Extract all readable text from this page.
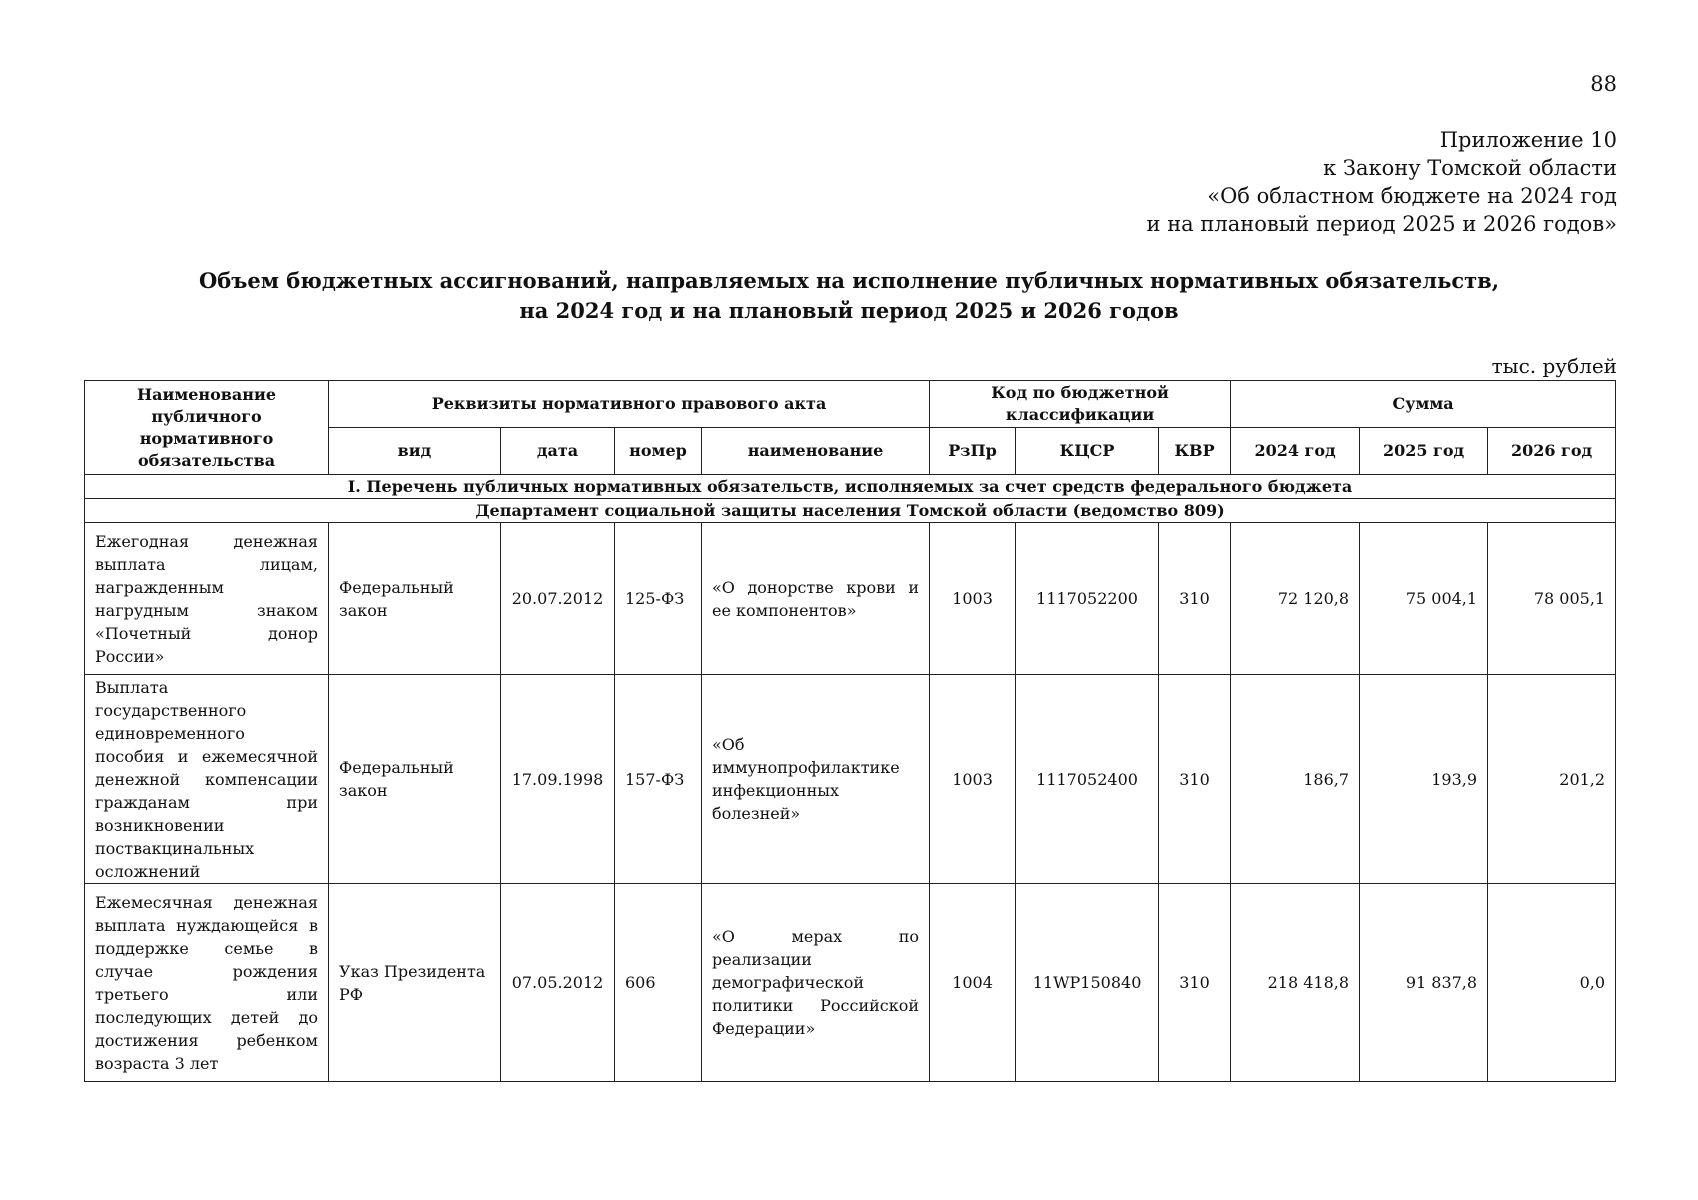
88
Приложение 10
к Закону Томской области
«Об областном бюджете на 2024 год
и на плановый период 2025 и 2026 годов»
Объем бюджетных ассигнований, направляемых на исполнение публичных нормативных обязательств,
на 2024 год и на плановый период 2025 и 2026 годов
тыс. рублей
Наименование публичного нормативного обязательства	Реквизиты нормативного правового акта				Код по бюджетной классификации			Сумма		
	вид	дата	номер	наименование	РзПр	КЦСР	КВР	2024 год	2025 год	2026 год
I. Перечень публичных нормативных обязательств, исполняемых за счет средств федерального бюджета										
Департамент социальной защиты населения Томской области (ведомство 809)										
Ежегодная денежная выплата лицам, награжденным нагрудным знаком «Почетный донор России»	Федеральный закон	20.07.2012	125-ФЗ	«О донорстве крови и ее компонентов»	1003	1117052200	310	72 120,8	75 004,1	78 005,1
Выплата государственного единовременного пособия и ежемесячной денежной компенсации гражданам при возникновении поствакцинальных осложнений	Федеральный закон	17.09.1998	157-ФЗ	«Об иммунопрофилактике инфекционных болезней»	1003	1117052400	310	186,7	193,9	201,2
Ежемесячная денежная выплата нуждающейся в поддержке семье в случае рождения третьего или последующих детей до достижения ребенком возраста 3 лет	Указ Президента РФ	07.05.2012	606	«О мерах по реализации демографической политики Российской Федерации»	1004	11WP150840	310	218 418,8	91 837,8	0,0
